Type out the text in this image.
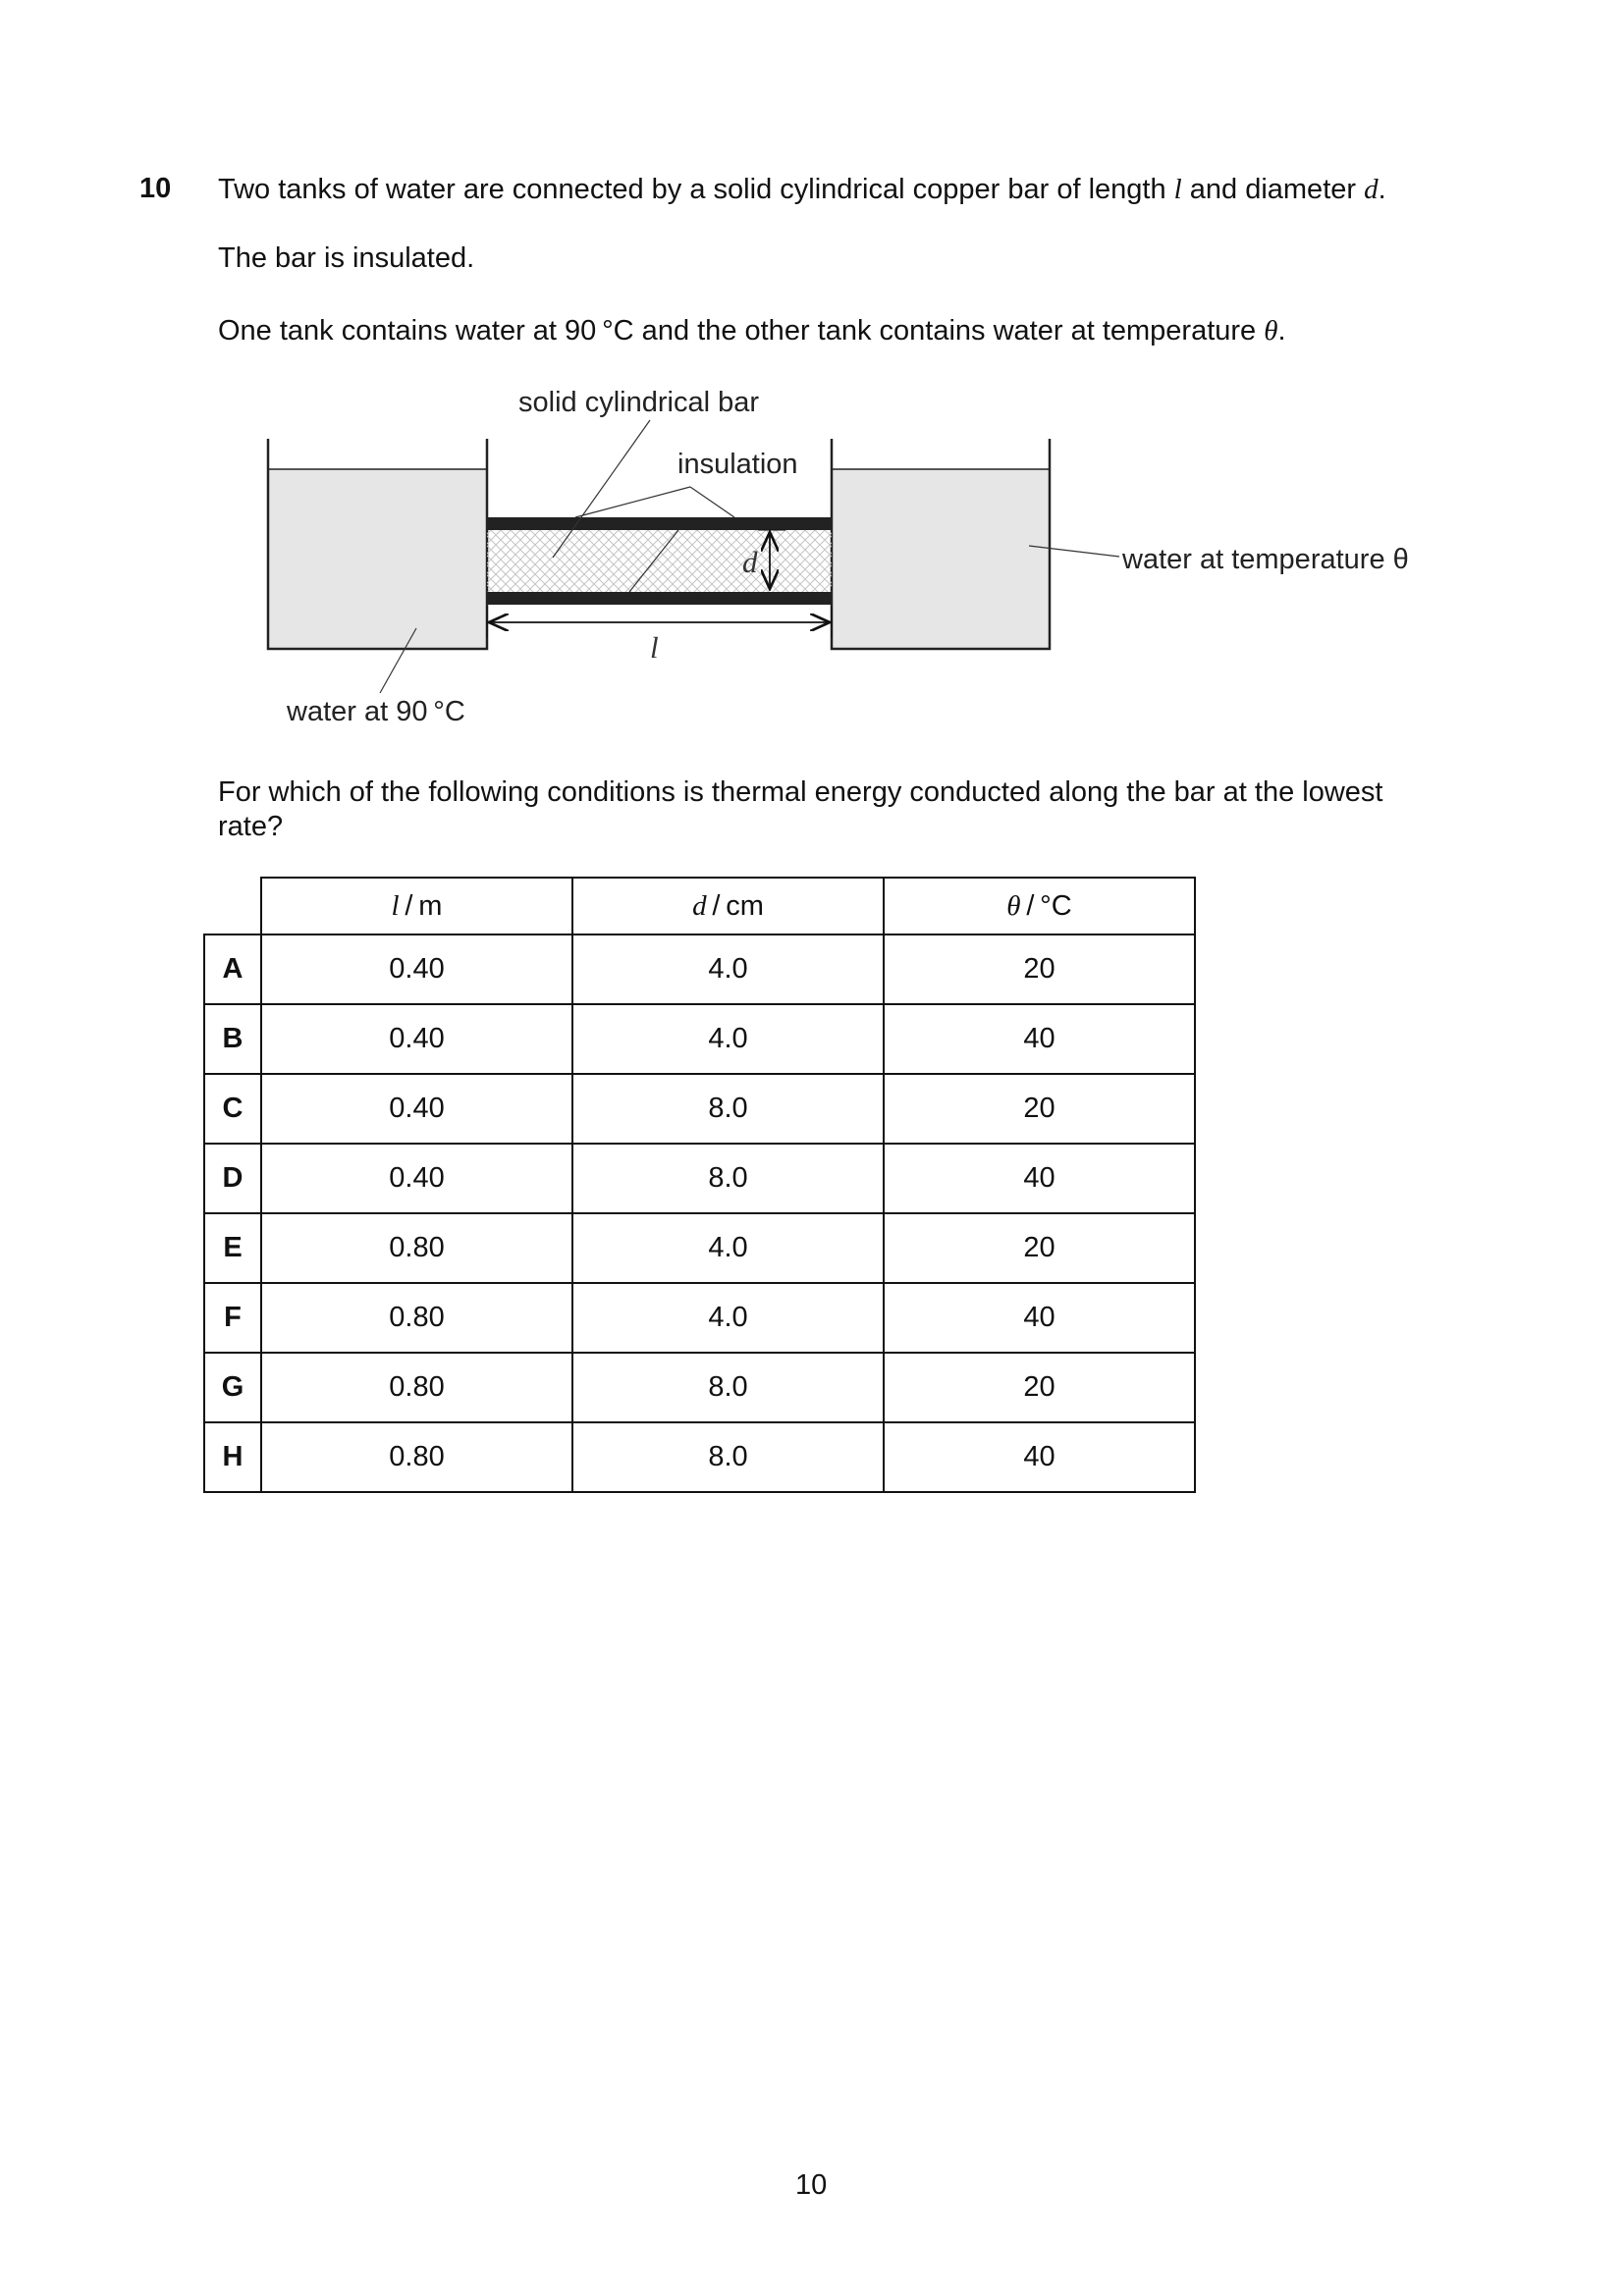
10 Two tanks of water are connected by a solid cylindrical copper bar of length l and diameter d.
The bar is insulated.
One tank contains water at 90 °C and the other tank contains water at temperature θ.
d
l
solid cylindrical bar
insulation
water at temperature θ
water at 90 °C
For which of the following conditions is thermal energy conducted along the bar at the lowest rate?
	l / m	d / cm	θ / °C
A	0.40	4.0	20
B	0.40	4.0	40
C	0.40	8.0	20
D	0.40	8.0	40
E	0.80	4.0	20
F	0.80	4.0	40
G	0.80	8.0	20
H	0.80	8.0	40
10
